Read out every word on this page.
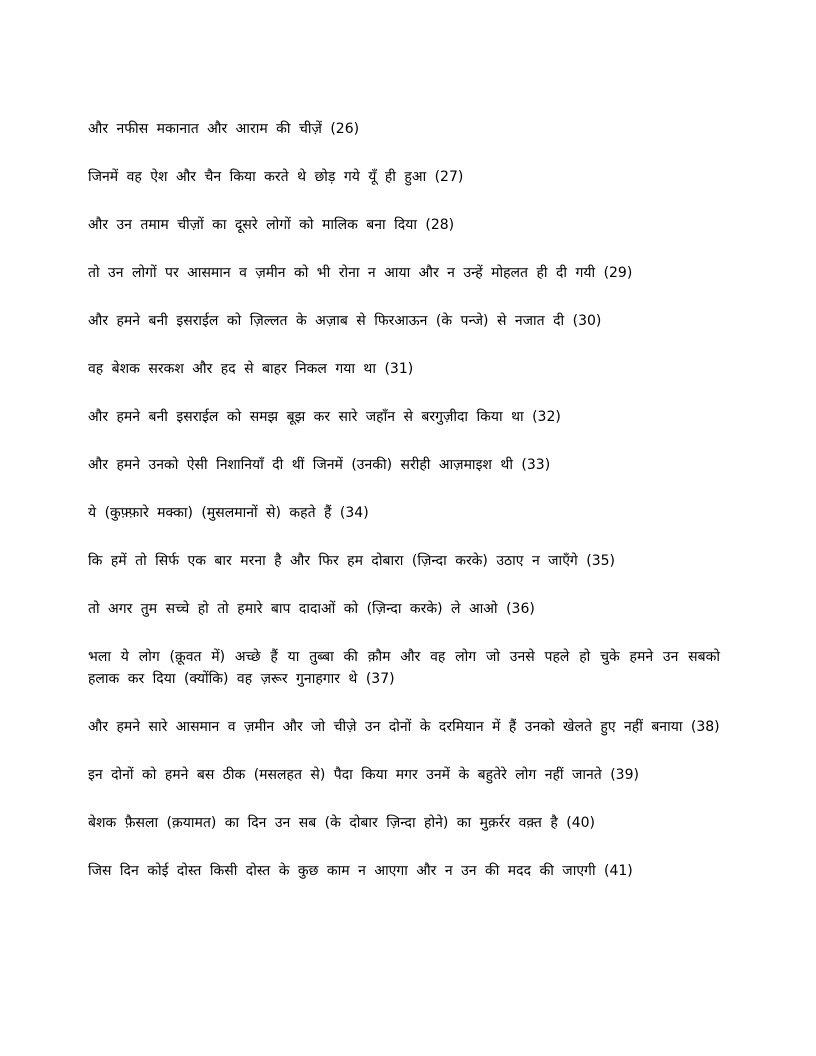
और नफीस मकानात और आराम की चीज़ें (26)

जिनमें वह ऐश और चैन किया करते थे छोड़ गये यूँ ही हुआ (27)

और उन तमाम चीज़ों का दूसरे लोगों को मालिक बना दिया (28)

तो उन लोगों पर आसमान व ज़मीन को भी रोना न आया और न उन्हें मोहलत ही दी गयी (29)

और हमने बनी इसराईल को ज़िल्लत के अज़ाब से फिरआऊन (के पन्जे) से नजात दी (30)

वह बेशक सरकश और हद से बाहर निकल गया था (31)

और हमने बनी इसराईल को समझ बूझ कर सारे जहाँन से बरगुज़ीदा किया था (32)

और हमने उनको ऐसी निशानियाँ दी थीं जिनमें (उनकी) सरीही आज़माइश थी (33)

ये (कुफ़्फ़ारे मक्का) (मुसलमानों से) कहते हैं (34)

कि हमें तो सिर्फ एक बार मरना है और फिर हम दोबारा (ज़िन्दा करके) उठाए न जाएँगे (35)

तो अगर तुम सच्चे हो तो हमारे बाप दादाओं को (ज़िन्दा करके) ले आओ (36)

भला ये लोग (क़ूवत में) अच्छे हैं या तुब्बा की क़ौम और वह लोग जो उनसे पहले हो चुके हमने उन सबको हलाक कर दिया (क्योंकि) वह ज़रूर गुनाहगार थे (37)

और हमने सारे आसमान व ज़मीन और जो चीज़े उन दोनों के दरमियान में हैं उनको खेलते हुए नहीं बनाया (38)

इन दोनों को हमने बस ठीक (मसलहत से) पैदा किया मगर उनमें के बहुतेरे लोग नहीं जानते (39)

बेशक फ़ैसला (क़यामत) का दिन उन सब (के दोबार ज़िन्दा होने) का मुक़र्रर वक़्त है (40)

जिस दिन कोई दोस्त किसी दोस्त के कुछ काम न आएगा और न उन की मदद की जाएगी (41)
